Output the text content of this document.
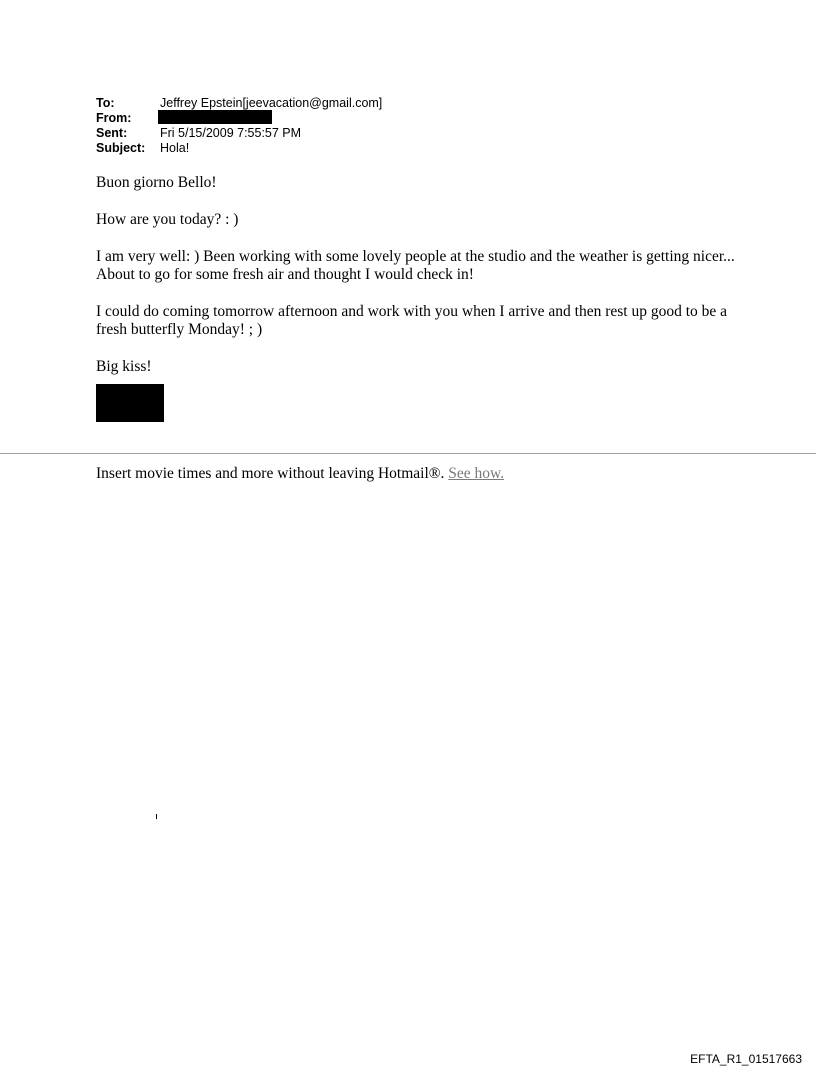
To:	Jeffrey Epstein[jeevacation@gmail.com]
From:
Sent:	Fri 5/15/2009 7:55:57 PM
Subject:	Hola!

Buon giorno Bello!

How are you today? : )

I am very well: ) Been working with some lovely people at the studio and the weather is getting nicer... About to go for some fresh air and thought I would check in!

I could do coming tomorrow afternoon and work with you when I arrive and then rest up good to be a fresh butterfly Monday! ; )

Big kiss!

Insert movie times and more without leaving Hotmail®. See how.
EFTA_R1_01517663
